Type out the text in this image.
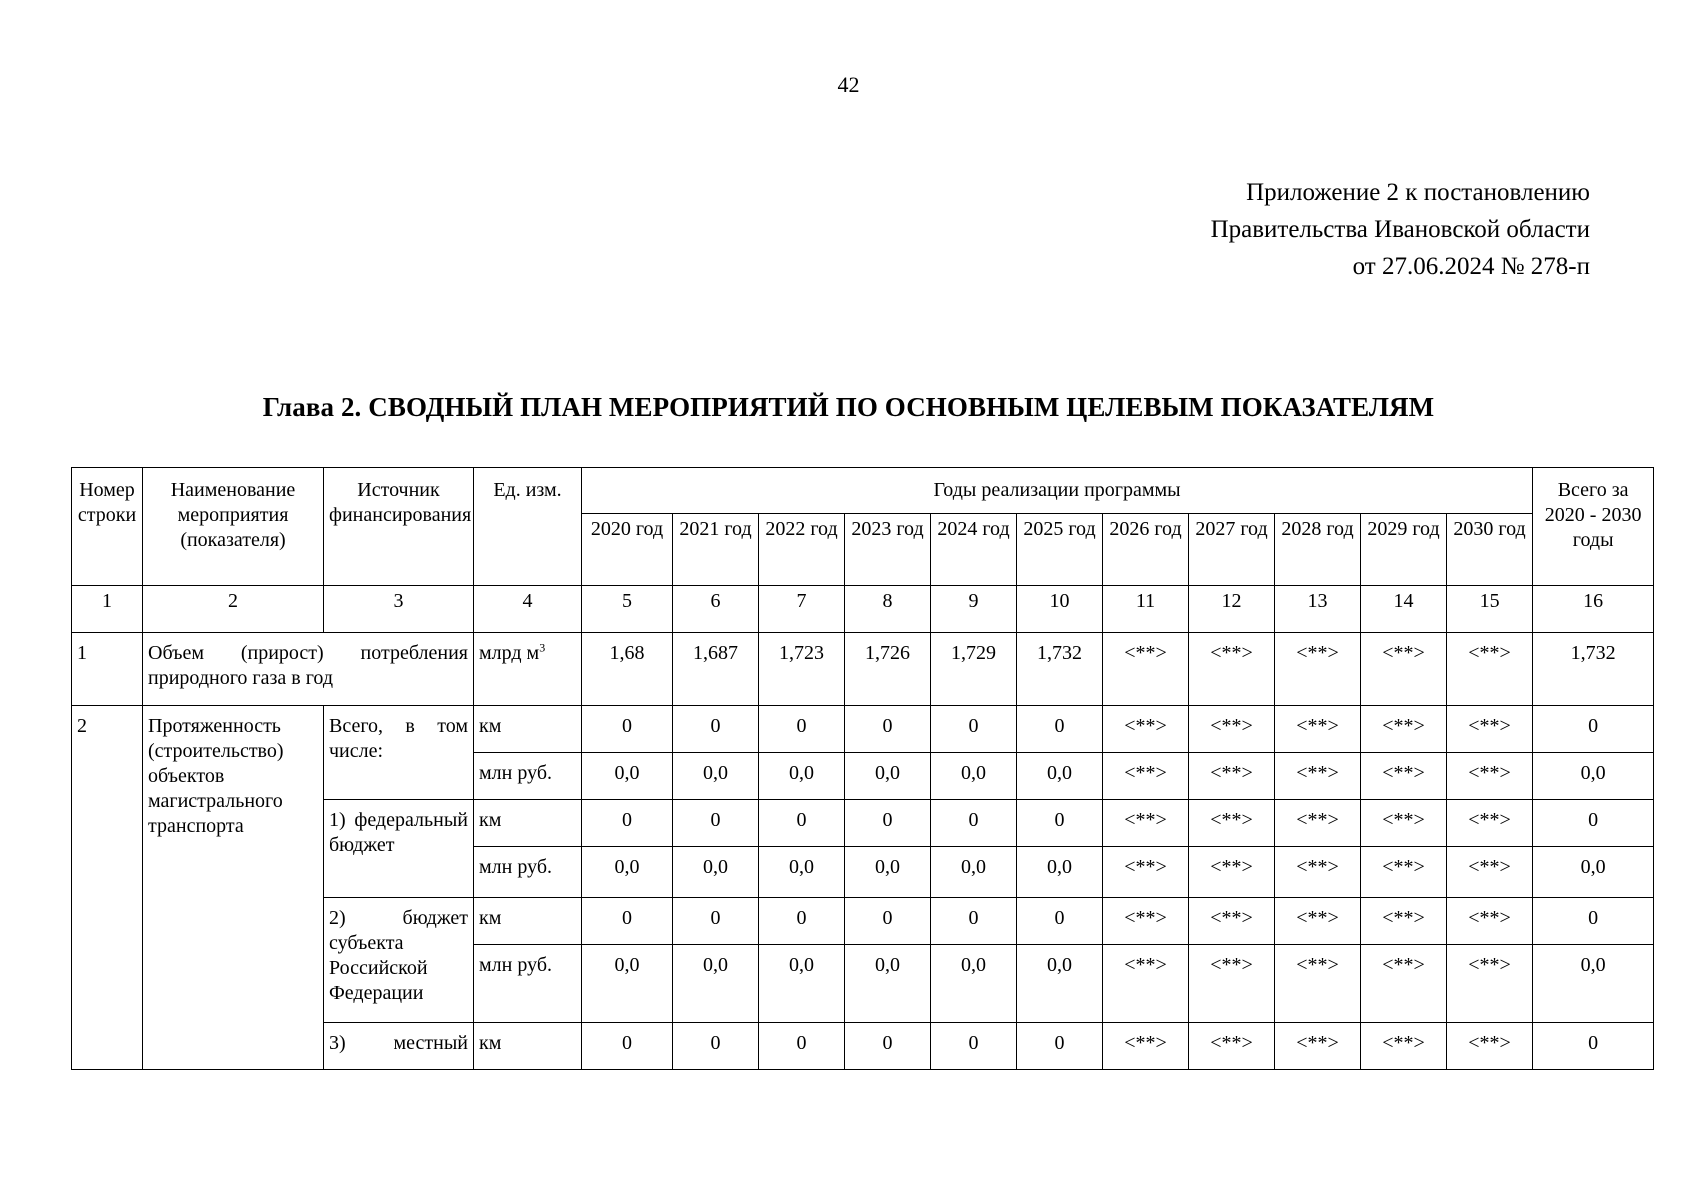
42
Приложение 2 к постановлению
Правительства Ивановской области
от 27.06.2024 № 278-п
Глава 2. СВОДНЫЙ ПЛАН МЕРОПРИЯТИЙ ПО ОСНОВНЫМ ЦЕЛЕВЫМ ПОКАЗАТЕЛЯМ
Номер строки	Наименование мероприятия (показателя)	Источник финансирования	Ед. изм.	Годы реализации программы											Всего за 2020 - 2030 годы
				2020 год	2021 год	2022 год	2023 год	2024 год	2025 год	2026 год	2027 год	2028 год	2029 год	2030 год	
1	2	3	4	5	6	7	8	9	10	11	12	13	14	15	16
1	Объем (прирост) потребления природного газа в год		млрд $м^3$	1,68	1,687	1,723	1,726	1,729	1,732	<**>	<**>	<**>	<**>	<**>	1,732
2	Протяженность (строительство) объектов магистрального транспорта	Всего, в том числе:	км	0	0	0	0	0	0	<**>	<**>	<**>	<**>	<**>	0
			млн руб.	0,0	0,0	0,0	0,0	0,0	0,0	<**>	<**>	<**>	<**>	<**>	0,0
		1) федеральный бюджет	км	0	0	0	0	0	0	<**>	<**>	<**>	<**>	<**>	0
			млн руб.	0,0	0,0	0,0	0,0	0,0	0,0	<**>	<**>	<**>	<**>	<**>	0,0
		2) бюджет субъекта Российской Федерации	км	0	0	0	0	0	0	<**>	<**>	<**>	<**>	<**>	0
			млн руб.	0,0	0,0	0,0	0,0	0,0	0,0	<**>	<**>	<**>	<**>	<**>	0,0
		3) местный	км	0	0	0	0	0	0	<**>	<**>	<**>	<**>	<**>	0
